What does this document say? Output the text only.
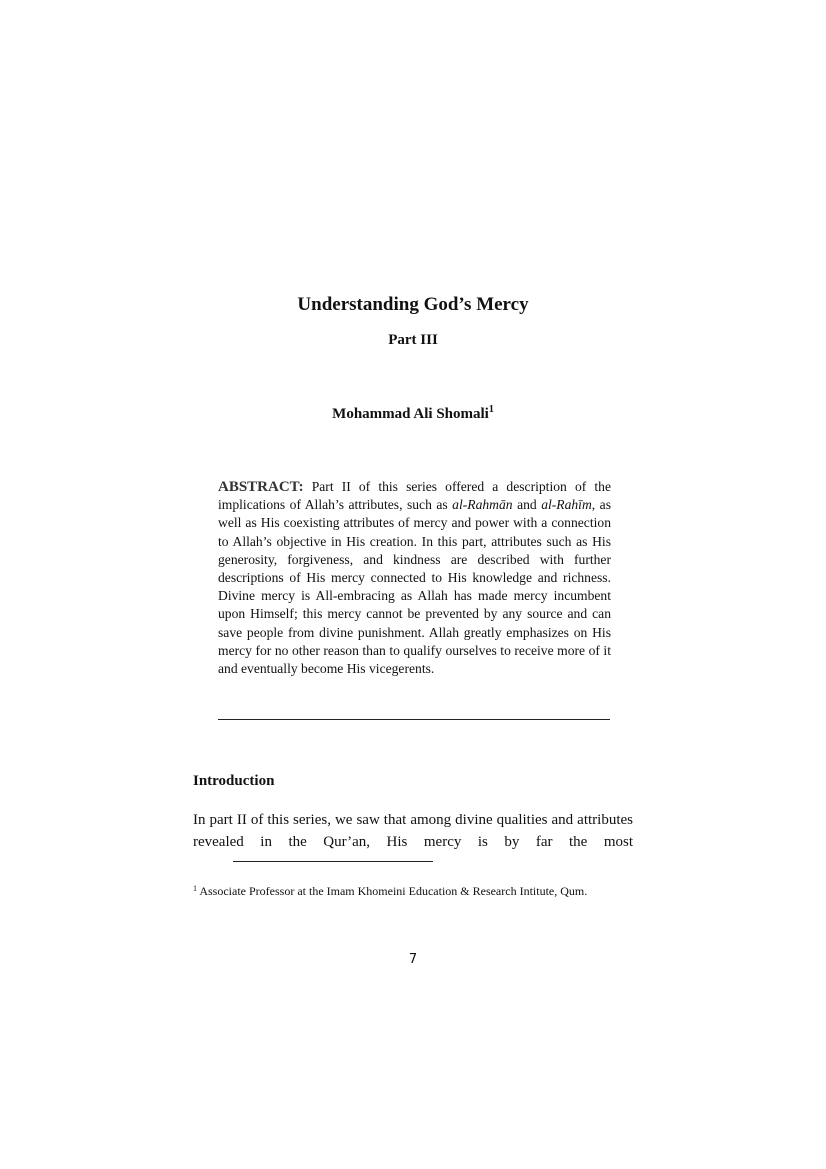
Understanding God’s Mercy
Part III

Mohammad Ali Shomali$^1$

ABSTRACT: Part II of this series offered a description of the implications of Allah’s attributes, such as al-Rahmān and al-Rahīm, as well as His coexisting attributes of mercy and power with a connection to Allah’s objective in His creation. In this part, attributes such as His generosity, forgiveness, and kindness are described with further descriptions of His mercy connected to His knowledge and richness. Divine mercy is All-embracing as Allah has made mercy incumbent upon Himself; this mercy cannot be prevented by any source and can save people from divine punishment. Allah greatly emphasizes on His mercy for no other reason than to qualify ourselves to receive more of it and eventually become His vicegerents.

Introduction

In part II of this series, we saw that among divine qualities and attributes revealed in the Qur’an, His mercy is by far the most

$^1$ Associate Professor at the Imam Khomeini Education & Research Intitute, Qum.

7
